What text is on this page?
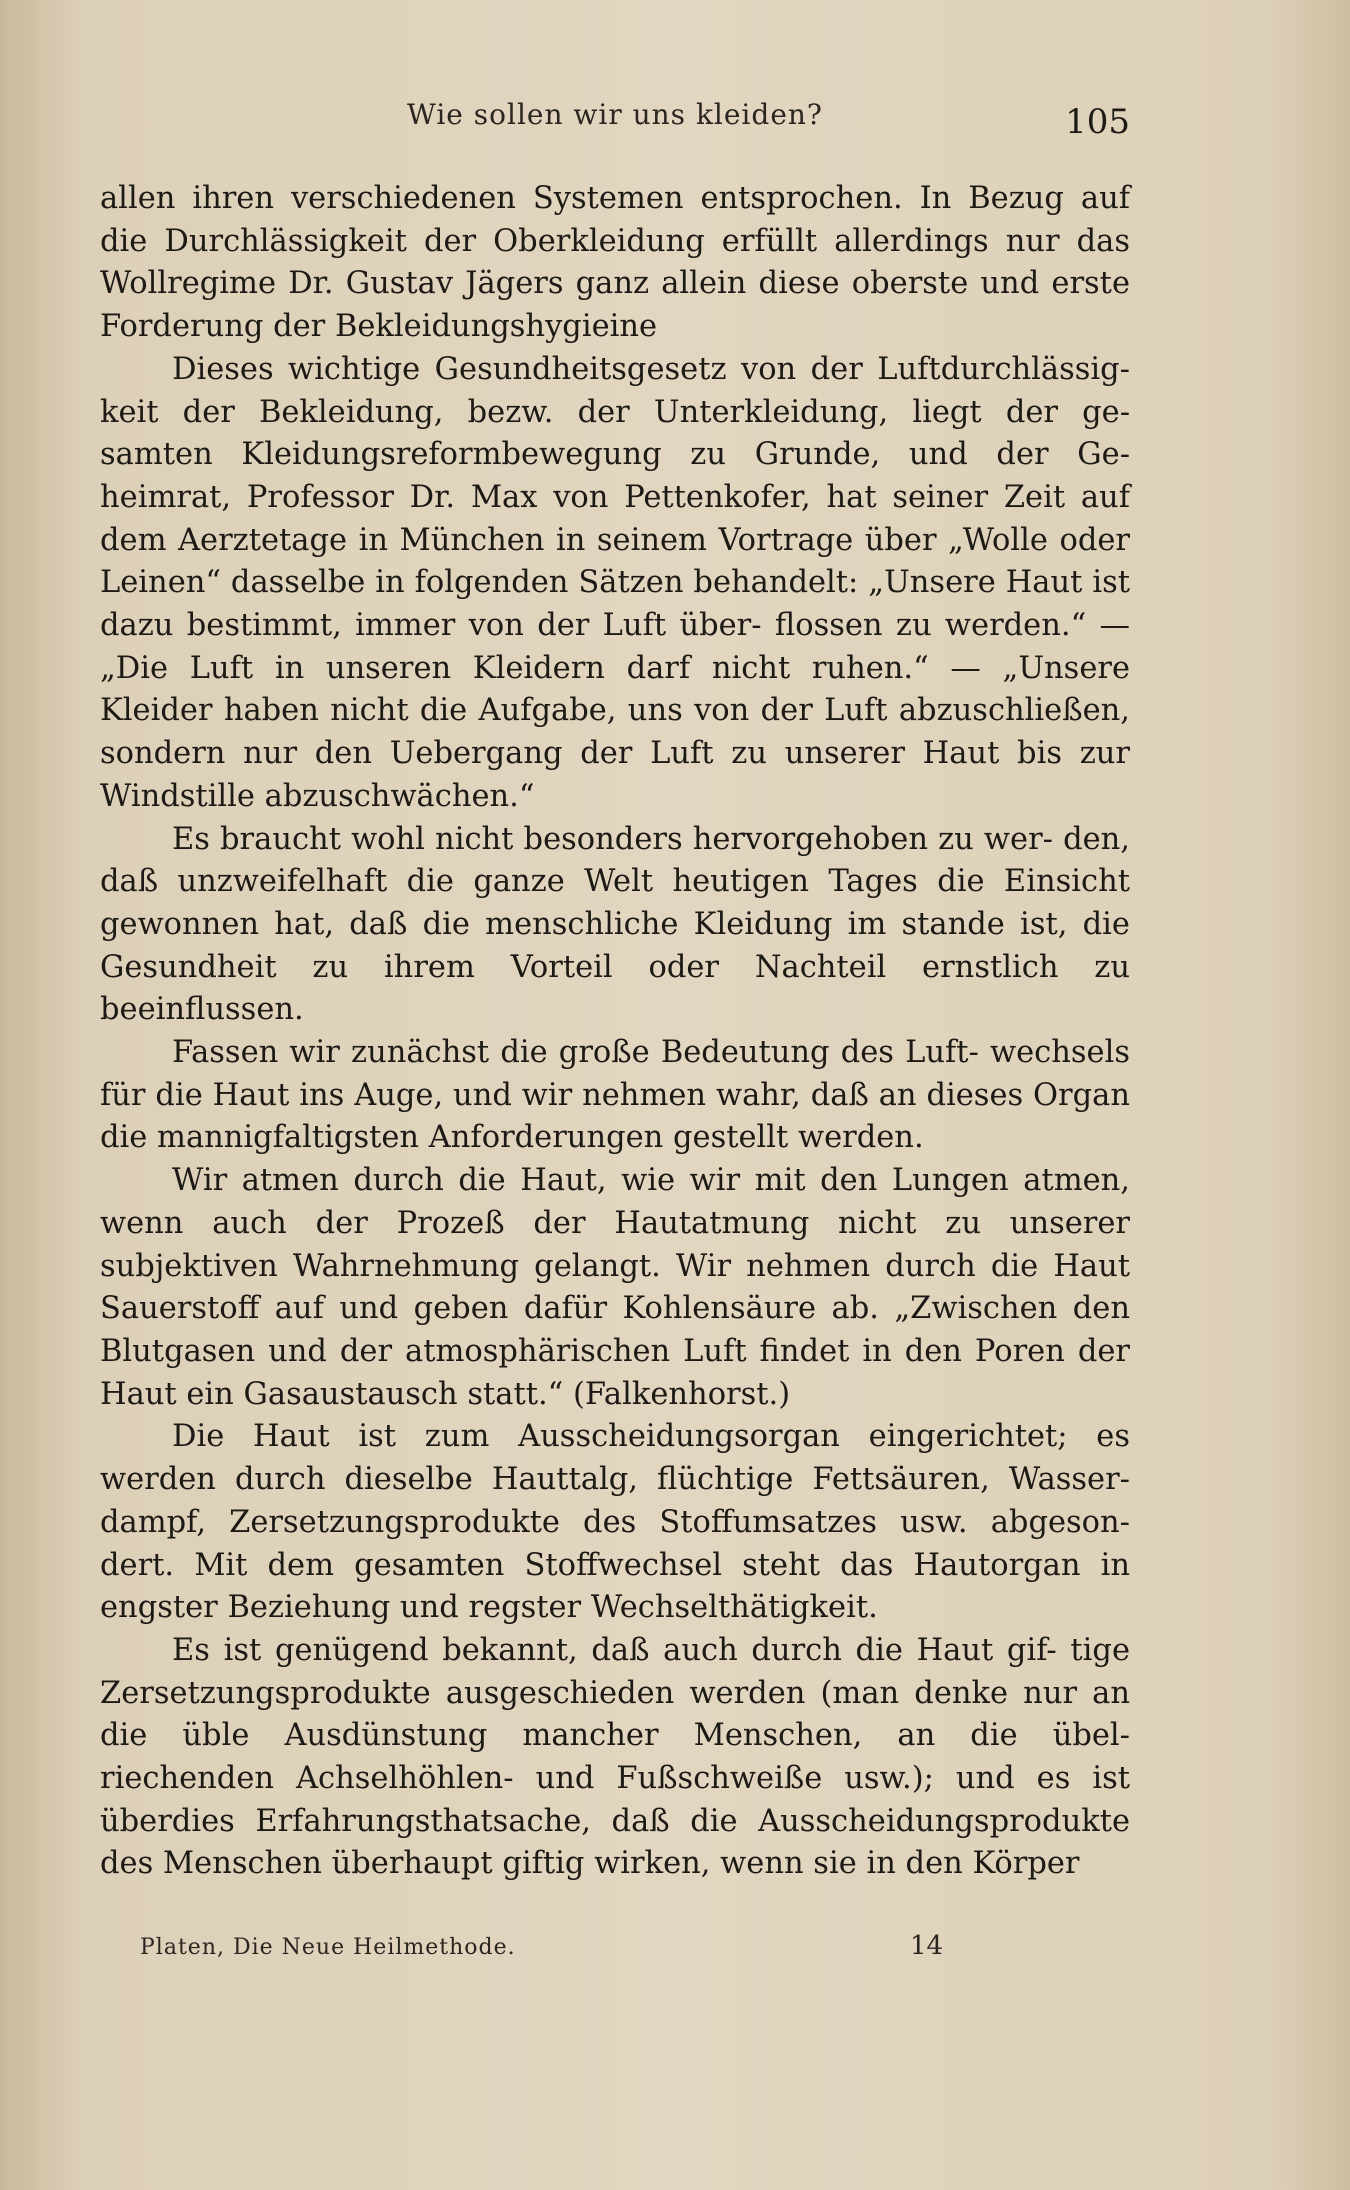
Wie sollen wir uns kleiden?	105

allen ihren verschiedenen Systemen entsprochen. In Bezug auf die Durchlässigkeit der Oberkleidung erfüllt allerdings nur das Wollregime Dr. Gustav Jägers ganz allein diese oberste und erste Forderung der Bekleidungshygieine

Dieses wichtige Gesundheitsgesetz von der Luftdurchlässig- keit der Bekleidung, bezw. der Unterkleidung, liegt der ge- samten Kleidungsreformbewegung zu Grunde, und der Ge- heimrat, Professor Dr. Max von Pettenkofer, hat seiner Zeit auf dem Aerztetage in München in seinem Vortrage über „Wolle oder Leinen“ dasselbe in folgenden Sätzen behandelt: „Unsere Haut ist dazu bestimmt, immer von der Luft über- flossen zu werden.“ — „Die Luft in unseren Kleidern darf nicht ruhen.“ — „Unsere Kleider haben nicht die Aufgabe, uns von der Luft abzuschließen, sondern nur den Uebergang der Luft zu unserer Haut bis zur Windstille abzuschwächen.“

Es braucht wohl nicht besonders hervorgehoben zu wer- den, daß unzweifelhaft die ganze Welt heutigen Tages die Einsicht gewonnen hat, daß die menschliche Kleidung im stande ist, die Gesundheit zu ihrem Vorteil oder Nachteil ernstlich zu beeinflussen.

Fassen wir zunächst die große Bedeutung des Luft- wechsels für die Haut ins Auge, und wir nehmen wahr, daß an dieses Organ die mannigfaltigsten Anforderungen gestellt werden.

Wir atmen durch die Haut, wie wir mit den Lungen atmen, wenn auch der Prozeß der Hautatmung nicht zu unserer subjektiven Wahrnehmung gelangt. Wir nehmen durch die Haut Sauerstoff auf und geben dafür Kohlensäure ab. „Zwischen den Blutgasen und der atmosphärischen Luft findet in den Poren der Haut ein Gasaustausch statt.“ (Falkenhorst.)

Die Haut ist zum Ausscheidungsorgan eingerichtet; es werden durch dieselbe Hauttalg, flüchtige Fettsäuren, Wasser- dampf, Zersetzungsprodukte des Stoffumsatzes usw. abgeson- dert. Mit dem gesamten Stoffwechsel steht das Hautorgan in engster Beziehung und regster Wechselthätigkeit.

Es ist genügend bekannt, daß auch durch die Haut gif- tige Zersetzungsprodukte ausgeschieden werden (man denke nur an die üble Ausdünstung mancher Menschen, an die übel- riechenden Achselhöhlen- und Fußschweiße usw.); und es ist überdies Erfahrungsthatsache, daß die Ausscheidungsprodukte des Menschen überhaupt giftig wirken, wenn sie in den Körper

Platen, Die Neue Heilmethode.	14
